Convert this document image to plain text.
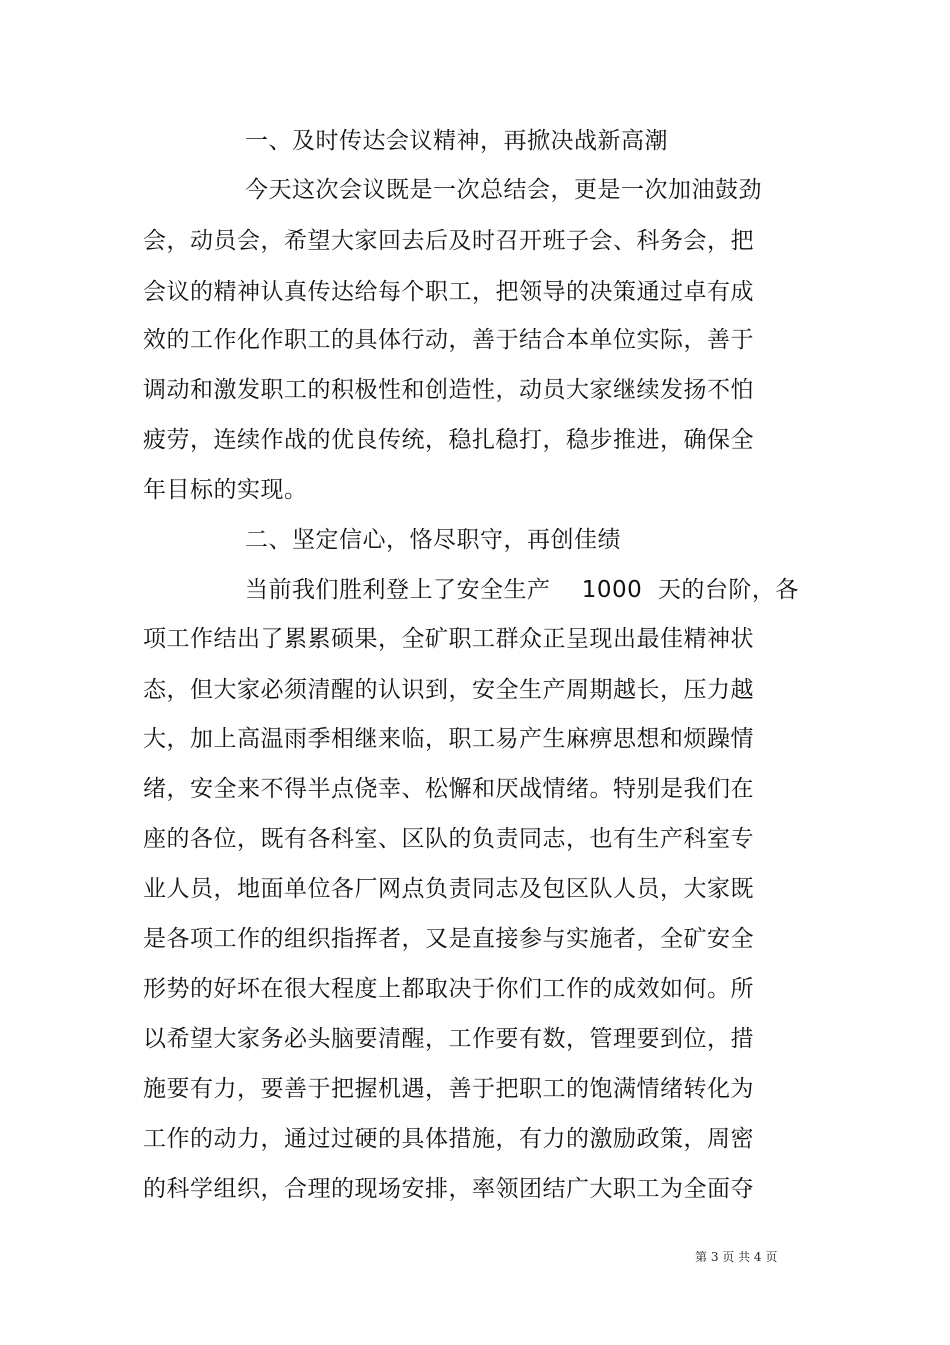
一、及时传达会议精神，再掀决战新高潮
今天这次会议既是一次总结会，更是一次加油鼓劲
会，动员会，希望大家回去后及时召开班子会、科务会，把
会议的精神认真传达给每个职工，把领导的决策通过卓有成
效的工作化作职工的具体行动，善于结合本单位实际，善于
调动和激发职工的积极性和创造性，动员大家继续发扬不怕
疲劳，连续作战的优良传统，稳扎稳打，稳步推进，确保全
年目标的实现。
二、坚定信心，恪尽职守，再创佳绩
当前我们胜利登上了安全生产    1000  天的台阶，各
项工作结出了累累硕果，全矿职工群众正呈现出最佳精神状
态，但大家必须清醒的认识到，安全生产周期越长，压力越
大，加上高温雨季相继来临，职工易产生麻痹思想和烦躁情
绪，安全来不得半点侥幸、松懈和厌战情绪。特别是我们在
座的各位，既有各科室、区队的负责同志，也有生产科室专
业人员，地面单位各厂网点负责同志及包区队人员，大家既
是各项工作的组织指挥者，又是直接参与实施者，全矿安全
形势的好坏在很大程度上都取决于你们工作的成效如何。所
以希望大家务必头脑要清醒，工作要有数，管理要到位，措
施要有力，要善于把握机遇，善于把职工的饱满情绪转化为
工作的动力，通过过硬的具体措施，有力的激励政策，周密
的科学组织，合理的现场安排，率领团结广大职工为全面夺
第 3 页 共 4 页
